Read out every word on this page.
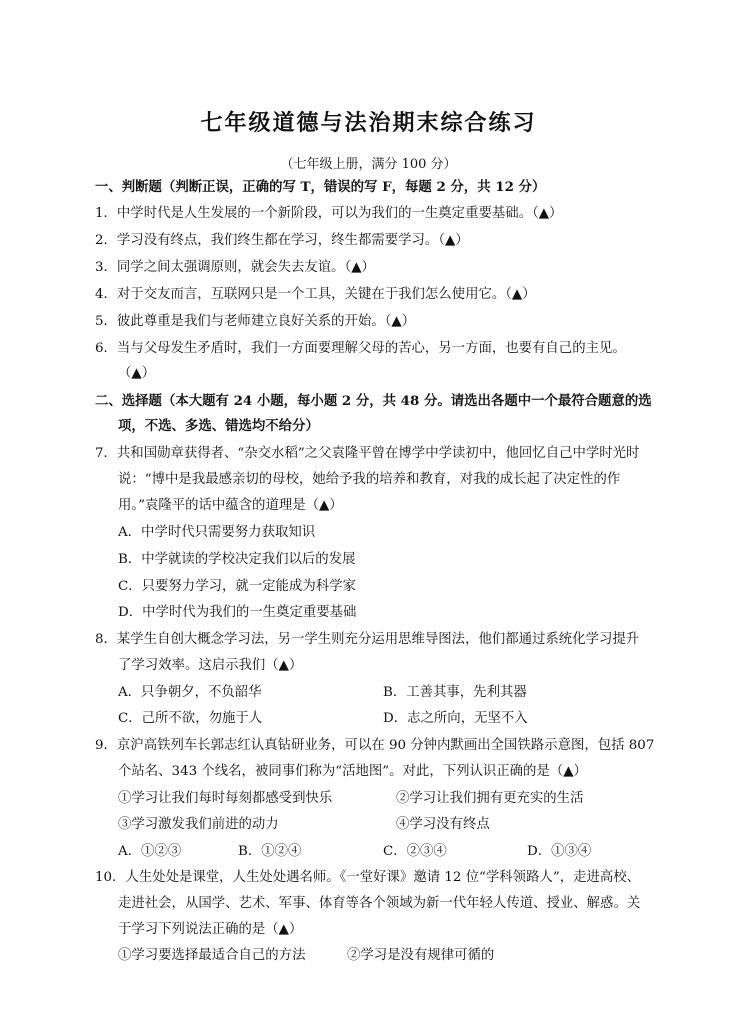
七年级道德与法治期末综合练习
（七年级上册，满分 100 分）
一、判断题（判断正误，正确的写 T，错误的写 F，每题 2 分，共 12 分）
1．中学时代是人生发展的一个新阶段，可以为我们的一生奠定重要基础。（▲）
2．学习没有终点，我们终生都在学习，终生都需要学习。（▲）
3．同学之间太强调原则，就会失去友谊。（▲）
4．对于交友而言，互联网只是一个工具，关键在于我们怎么使用它。（▲）
5．彼此尊重是我们与老师建立良好关系的开始。（▲）
6．当与父母发生矛盾时，我们一方面要理解父母的苦心，另一方面，也要有自己的主见。
（▲）
二、选择题（本大题有 24 小题，每小题 2 分，共 48 分。请选出各题中一个最符合题意的选
项，不选、多选、错选均不给分）
7．共和国勋章获得者、“杂交水稻”之父袁隆平曾在博学中学读初中，他回忆自己中学时光时
说：“博中是我最感亲切的母校，她给予我的培养和教育，对我的成长起了决定性的作
用。”袁隆平的话中蕴含的道理是（▲）
A．中学时代只需要努力获取知识
B．中学就读的学校决定我们以后的发展
C．只要努力学习，就一定能成为科学家
D．中学时代为我们的一生奠定重要基础
8．某学生自创大概念学习法，另一学生则充分运用思维导图法，他们都通过系统化学习提升
了学习效率。这启示我们（▲）
A．只争朝夕，不负韶华	B．工善其事，先利其器
C．己所不欲，勿施于人	D．志之所向，无坚不入
9．京沪高铁列车长郭志红认真钻研业务，可以在 90 分钟内默画出全国铁路示意图，包括 807
个站名、343 个线名，被同事们称为“活地图”。对此，下列认识正确的是（▲）
①学习让我们每时每刻都感受到快乐	②学习让我们拥有更充实的生活
③学习激发我们前进的动力	④学习没有终点
A．①②③	B．①②④	C．②③④	D．①③④
10．人生处处是课堂，人生处处遇名师。《一堂好课》邀请 12 位“学科领路人”，走进高校、
走进社会，从国学、艺术、军事、体育等各个领域为新一代年轻人传道、授业、解惑。关
于学习下列说法正确的是（▲）
①学习要选择最适合自己的方法	②学习是没有规律可循的
